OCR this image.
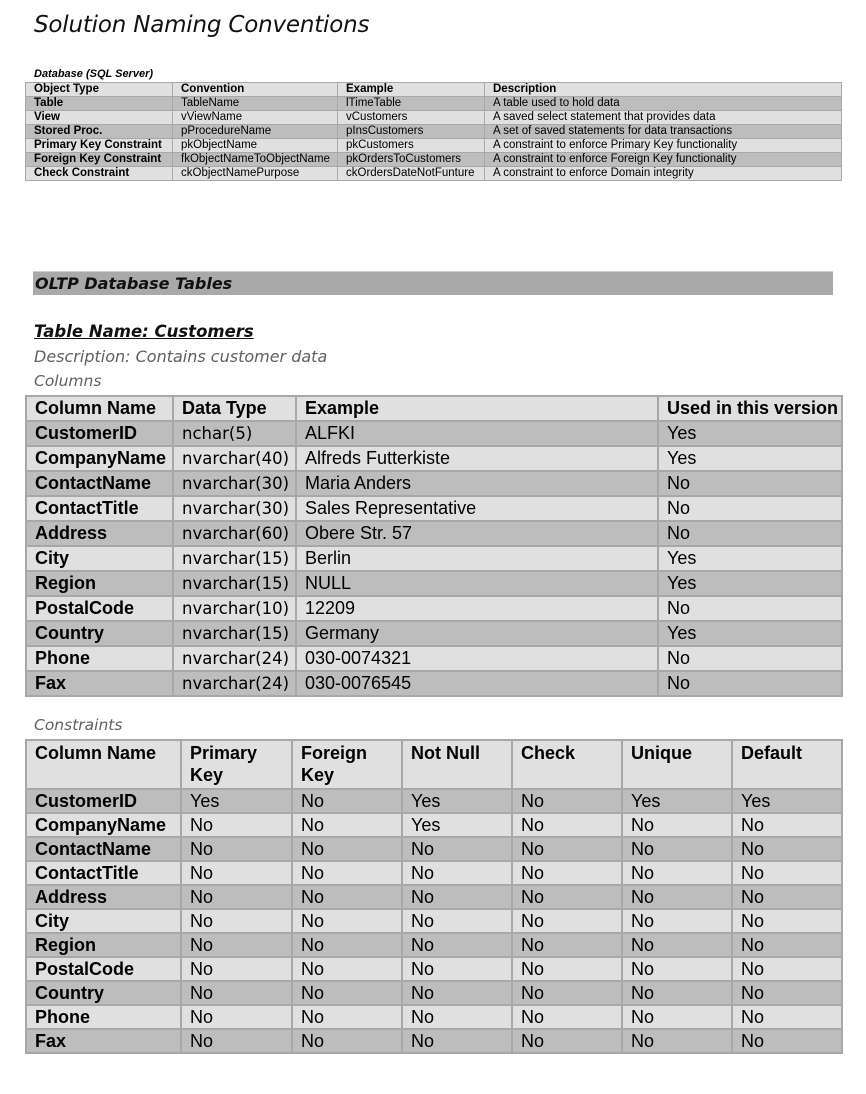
Solution Naming Conventions
Database (SQL Server)
Object Type	Convention	Example	Description
Table	TableName	lTimeTable	A table used to hold data
View	vViewName	vCustomers	A saved select statement that provides data
Stored Proc.	pProcedureName	pInsCustomers	A set of saved statements for data transactions
Primary Key Constraint	pkObjectName	pkCustomers	A constraint to enforce Primary Key functionality
Foreign Key Constraint	fkObjectNameToObjectName	pkOrdersToCustomers	A constraint to enforce Foreign Key functionality
Check Constraint	ckObjectNamePurpose	ckOrdersDateNotFunture	A constraint to enforce Domain integrity
OLTP Database Tables
Table Name: Customers
Description: Contains customer data
Columns
Column Name	Data Type	Example	Used in this version
CustomerID	nchar(5)	ALFKI	Yes
CompanyName	nvarchar(40)	Alfreds Futterkiste	Yes
ContactName	nvarchar(30)	Maria Anders	No
ContactTitle	nvarchar(30)	Sales Representative	No
Address	nvarchar(60)	Obere Str. 57	No
City	nvarchar(15)	Berlin	Yes
Region	nvarchar(15)	NULL	Yes
PostalCode	nvarchar(10)	12209	No
Country	nvarchar(15)	Germany	Yes
Phone	nvarchar(24)	030-0074321	No
Fax	nvarchar(24)	030-0076545	No
Constraints
Column Name	Primary Key	Foreign Key	Not Null	Check	Unique	Default
CustomerID	Yes	No	Yes	No	Yes	Yes
CompanyName	No	No	Yes	No	No	No
ContactName	No	No	No	No	No	No
ContactTitle	No	No	No	No	No	No
Address	No	No	No	No	No	No
City	No	No	No	No	No	No
Region	No	No	No	No	No	No
PostalCode	No	No	No	No	No	No
Country	No	No	No	No	No	No
Phone	No	No	No	No	No	No
Fax	No	No	No	No	No	No
